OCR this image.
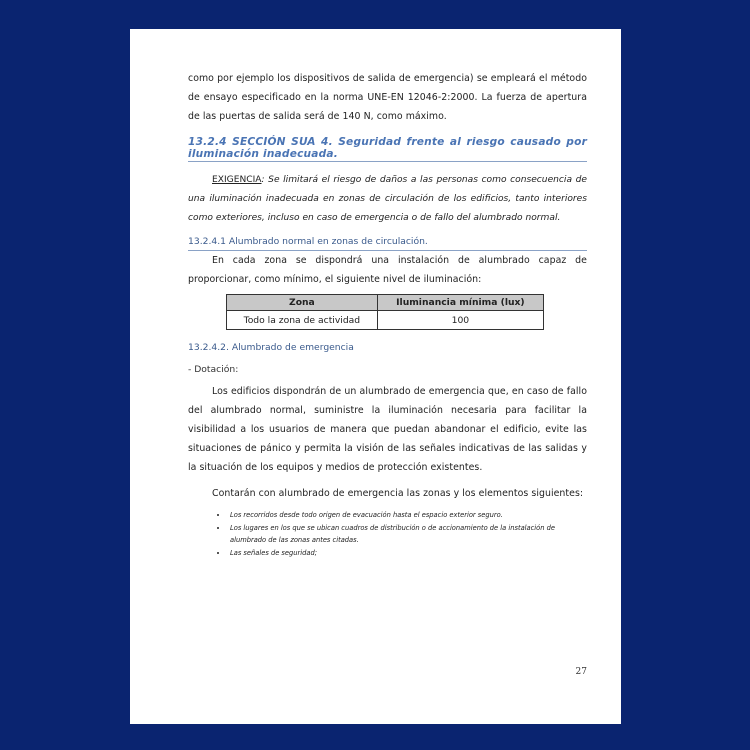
como por ejemplo los dispositivos de salida de emergencia) se empleará el método de ensayo especificado en la norma UNE-EN 12046-2:2000. La fuerza de apertura de las puertas de salida será de 140 N, como máximo.

13.2.4 SECCIÓN SUA 4. Seguridad frente al riesgo causado por iluminación inadecuada.

EXIGENCIA: Se limitará el riesgo de daños a las personas como consecuencia de una iluminación inadecuada en zonas de circulación de los edificios, tanto interiores como exteriores, incluso en caso de emergencia o de fallo del alumbrado normal.

13.2.4.1 Alumbrado normal en zonas de circulación.

En cada zona se dispondrá una instalación de alumbrado capaz de proporcionar, como mínimo, el siguiente nivel de iluminación:

Zona	Iluminancia mínima (lux)
Todo la zona de actividad	100

13.2.4.2. Alumbrado de emergencia

- Dotación:

Los edificios dispondrán de un alumbrado de emergencia que, en caso de fallo del alumbrado normal, suministre la iluminación necesaria para facilitar la visibilidad a los usuarios de manera que puedan abandonar el edificio, evite las situaciones de pánico y permita la visión de las señales indicativas de las salidas y la situación de los equipos y medios de protección existentes.

Contarán con alumbrado de emergencia las zonas y los elementos siguientes:

• Los recorridos desde todo origen de evacuación hasta el espacio exterior seguro.
• Los lugares en los que se ubican cuadros de distribución o de accionamiento de la instalación de alumbrado de las zonas antes citadas.
• Las señales de seguridad;
27
